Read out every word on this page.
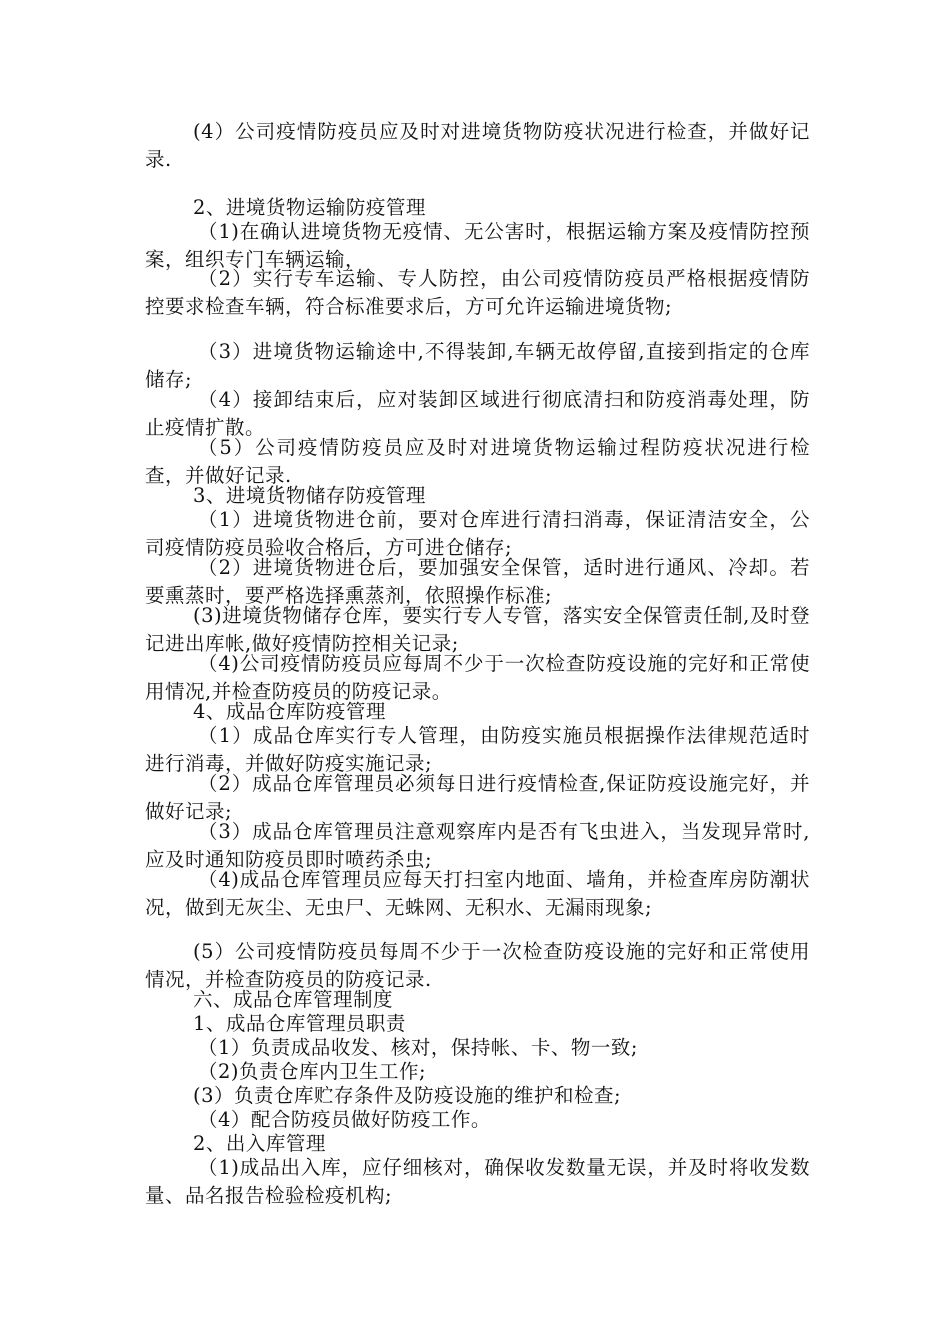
(4）公司疫情防疫员应及时对进境货物防疫状况进行检查，并做好记录.

2、进境货物运输防疫管理

（1)在确认进境货物无疫情、无公害时，根据运输方案及疫情防控预案，组织专门车辆运输，

（2）实行专车运输、专人防控，由公司疫情防疫员严格根据疫情防控要求检查车辆，符合标准要求后，方可允许运输进境货物;

（3）进境货物运输途中,不得装卸,车辆无故停留,直接到指定的仓库储存;

（4）接卸结束后，应对装卸区域进行彻底清扫和防疫消毒处理，防止疫情扩散。

（5）公司疫情防疫员应及时对进境货物运输过程防疫状况进行检查，并做好记录.

3、进境货物储存防疫管理

（1）进境货物进仓前，要对仓库进行清扫消毒，保证清洁安全，公司疫情防疫员验收合格后，方可进仓储存;

（2）进境货物进仓后，要加强安全保管，适时进行通风、冷却。若要熏蒸时，要严格选择熏蒸剂，依照操作标准;

(3)进境货物储存仓库，要实行专人专管，落实安全保管责任制,及时登记进出库帐,做好疫情防控相关记录;

（4)公司疫情防疫员应每周不少于一次检查防疫设施的完好和正常使用情况,并检查防疫员的防疫记录。

4、成品仓库防疫管理

（1）成品仓库实行专人管理，由防疫实施员根据操作法律规范适时进行消毒，并做好防疫实施记录;

（2）成品仓库管理员必须每日进行疫情检查,保证防疫设施完好，并做好记录;

（3）成品仓库管理员注意观察库内是否有飞虫进入，当发现异常时,应及时通知防疫员即时喷药杀虫;

（4)成品仓库管理员应每天打扫室内地面、墙角，并检查库房防潮状况，做到无灰尘、无虫尸、无蛛网、无积水、无漏雨现象;

(5）公司疫情防疫员每周不少于一次检查防疫设施的完好和正常使用情况，并检查防疫员的防疫记录.

六、成品仓库管理制度

1、成品仓库管理员职责

（1）负责成品收发、核对，保持帐、卡、物一致;

（2)负责仓库内卫生工作;

(3）负责仓库贮存条件及防疫设施的维护和检查;

（4）配合防疫员做好防疫工作。

2、出入库管理

（1)成品出入库，应仔细核对，确保收发数量无误，并及时将收发数量、品名报告检验检疫机构;
